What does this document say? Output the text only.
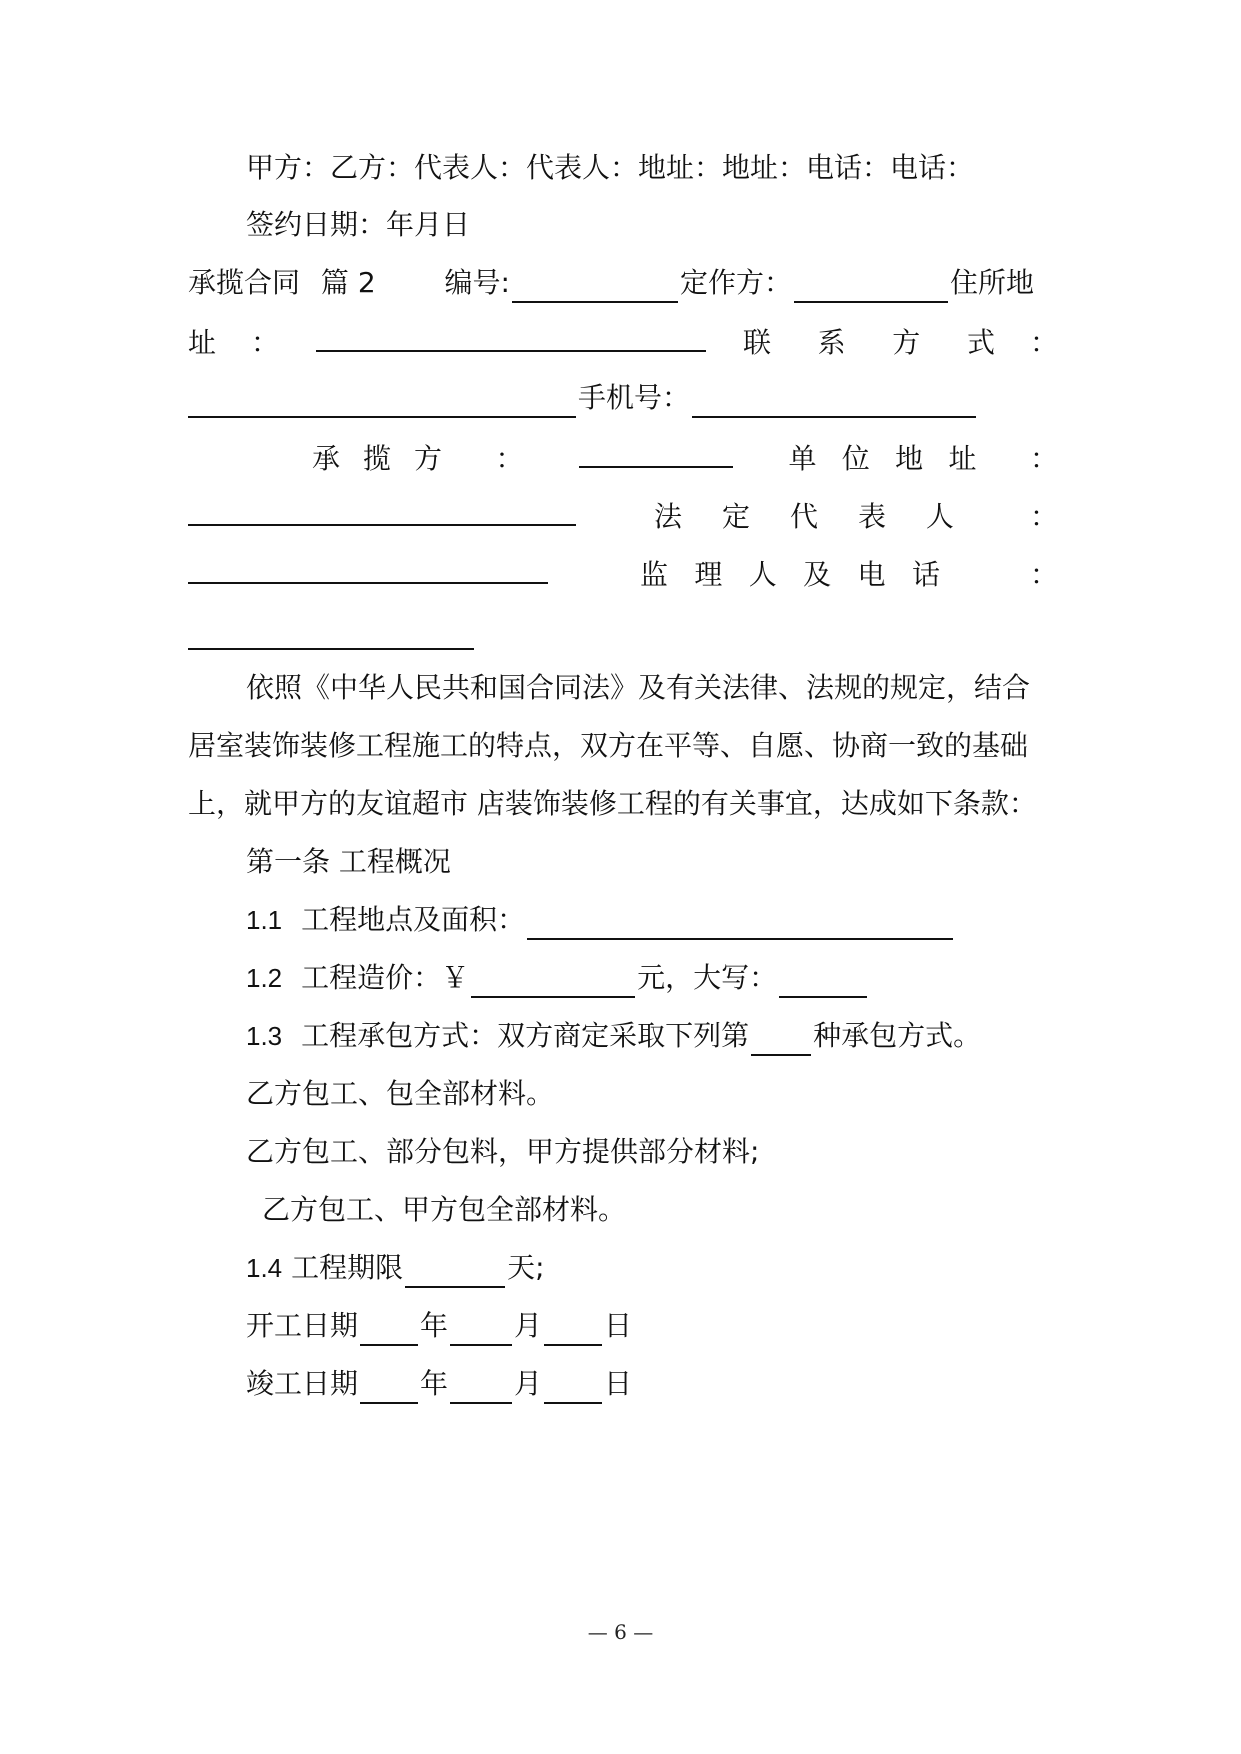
甲方：乙方：代表人：代表人：地址：地址：电话：电话：
签约日期：年月日
承揽合同 篇 2 编号:	定作方：	住所地
址 ：	联 系 方 式 ：
手机号：
承 揽 方 ：	单 位 地 址 ：
法 定 代 表 人	：
监 理 人 及 电 话	：
依照《中华人民共和国合同法》及有关法律、法规的规定，结合
居室装饰装修工程施工的特点，双方在平等、自愿、协商一致的基础
上，就甲方的友谊超市 店装饰装修工程的有关事宜，达成如下条款：
第一条 工程概况
1.1 工程地点及面积：
1.2 工程造价：￥	元，大写：
1.3 工程承包方式：双方商定采取下列第 种承包方式。
乙方包工、包全部材料。
乙方包工、部分包料，甲方提供部分材料;
乙方包工、甲方包全部材料。
1.4 工程期限	天;
开工日期 年 月 日
竣工日期 年 月 日
— 6 —
